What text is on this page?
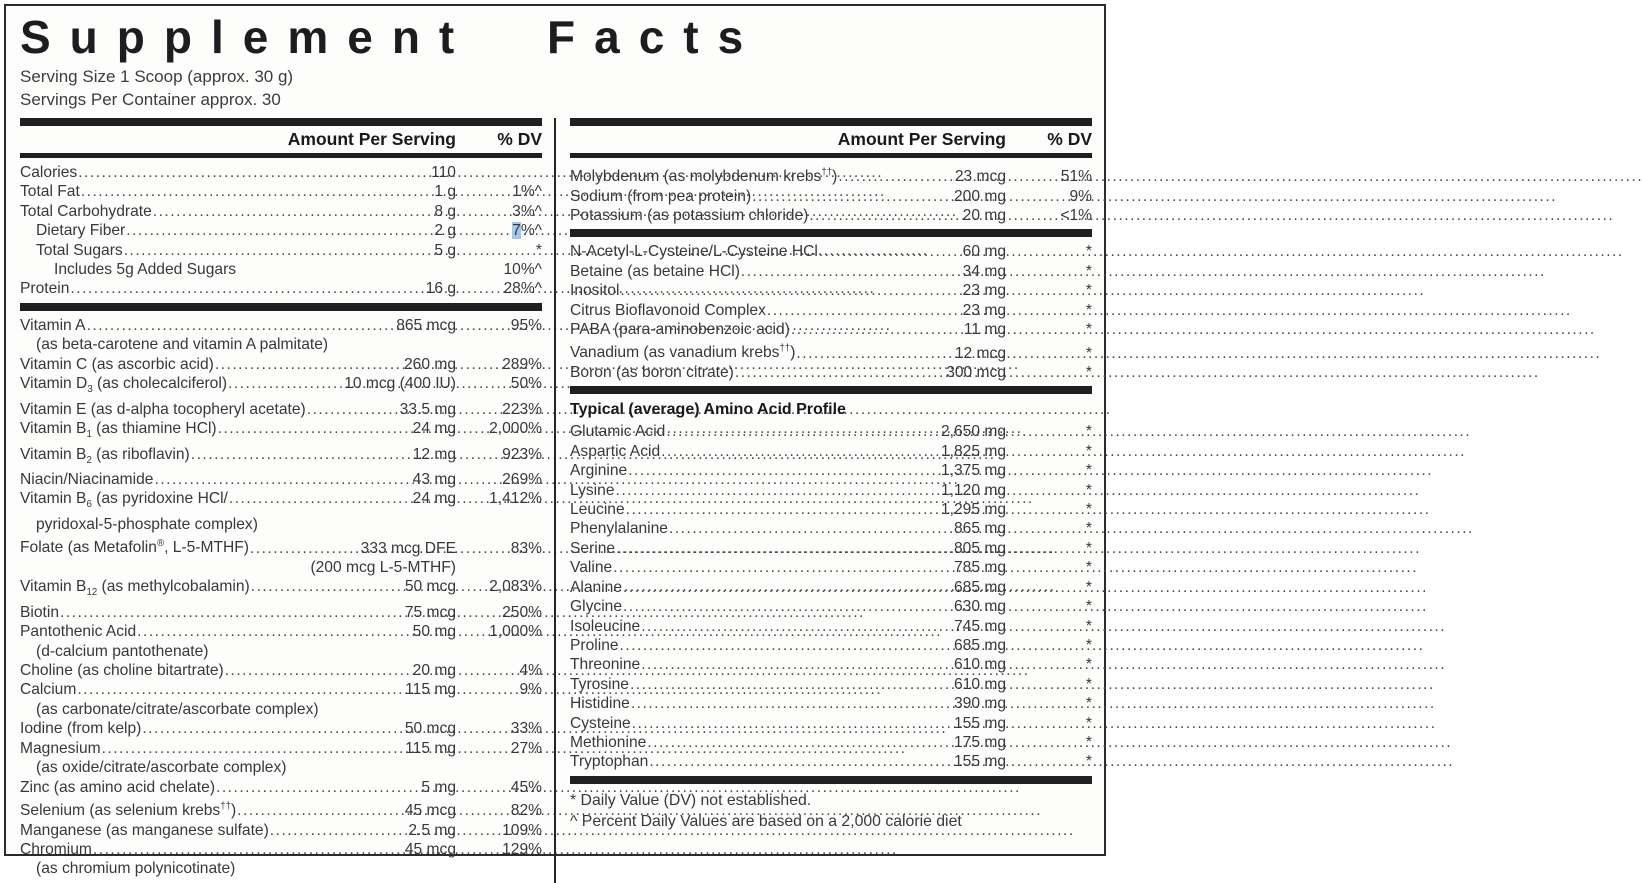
Supplement Facts
Serving Size 1 Scoop (approx. 30 g)
Servings Per Container approx. 30
Amount Per Serving	% DV
Calories .....	110
Total Fat .....	1 g	1%^
Total Carbohydrate .....	8 g	3%^
Dietary Fiber .....	2 g	7%^
Total Sugars .....	5 g	*
Includes 5g Added Sugars	10%^
Protein .....	16 g	28%^
Vitamin A .....	865 mcg	95%
(as beta-carotene and vitamin A palmitate)
Vitamin C (as ascorbic acid) .....	260 mg	289%
Vitamin $D_3$ (as cholecalciferol) .....	10 mcg (400 IU)	50%
Vitamin E (as d-alpha tocopheryl acetate) .....	33.5 mg	223%
Vitamin $B_1$ (as thiamine HCl) .....	24 mg	2,000%
Vitamin $B_2$ (as riboflavin) .....	12 mg	923%
Niacin/Niacinamide .....	43 mg	269%
Vitamin $B_6$ (as pyridoxine HCl/ .....	24 mg	1,412%
pyridoxal-5-phosphate complex)
Folate (as Metafolin®, L-5-MTHF) .....	333 mcg DFE	83%
(200 mcg L-5-MTHF)
Vitamin $B_{12}$ (as methylcobalamin) .....	50 mcg	2,083%
Biotin .....	75 mcg	250%
Pantothenic Acid .....	50 mg	1,000%
(d-calcium pantothenate)
Choline (as choline bitartrate) .....	20 mg	4%
Calcium .....	115 mg	9%
(as carbonate/citrate/ascorbate complex)
Iodine (from kelp) .....	50 mcg	33%
Magnesium .....	115 mg	27%
(as oxide/citrate/ascorbate complex)
Zinc (as amino acid chelate) .....	5 mg	45%
Selenium (as selenium krebs††) .....	45 mcg	82%
Manganese (as manganese sulfate) .....	2.5 mg	109%
Chromium .....	45 mcg	129%
(as chromium polynicotinate)
Amount Per Serving	% DV
Molybdenum (as molybdenum krebs††) .....	23 mcg	51%
Sodium (from pea protein) .....	200 mg	9%
Potassium (as potassium chloride) .....	20 mg	<1%
N-Acetyl-L-Cysteine/L-Cysteine HCl .....	60 mg	*
Betaine (as betaine HCl) .....	34 mg	*
Inositol .....	23 mg	*
Citrus Bioflavonoid Complex .....	23 mg	*
PABA (para-aminobenzoic acid) .....	11 mg	*
Vanadium (as vanadium krebs††) .....	12 mcg	*
Boron (as boron citrate) .....	300 mcg	*
Typical (average) Amino Acid Profile
Glutamic Acid .....	2,650 mg	*
Aspartic Acid .....	1,825 mg	*
Arginine .....	1,375 mg	*
Lysine .....	1,120 mg	*
Leucine .....	1,295 mg	*
Phenylalanine .....	865 mg	*
Serine .....	805 mg	*
Valine .....	785 mg	*
Alanine .....	685 mg	*
Glycine .....	630 mg	*
Isoleucine .....	745 mg	*
Proline .....	685 mg	*
Threonine .....	610 mg	*
Tyrosine .....	610 mg	*
Histidine .....	390 mg	*
Cysteine .....	155 mg	*
Methionine .....	175 mg	*
Tryptophan .....	155 mg	*
* Daily Value (DV) not established.
^ Percent Daily Values are based on a 2,000 calorie diet
